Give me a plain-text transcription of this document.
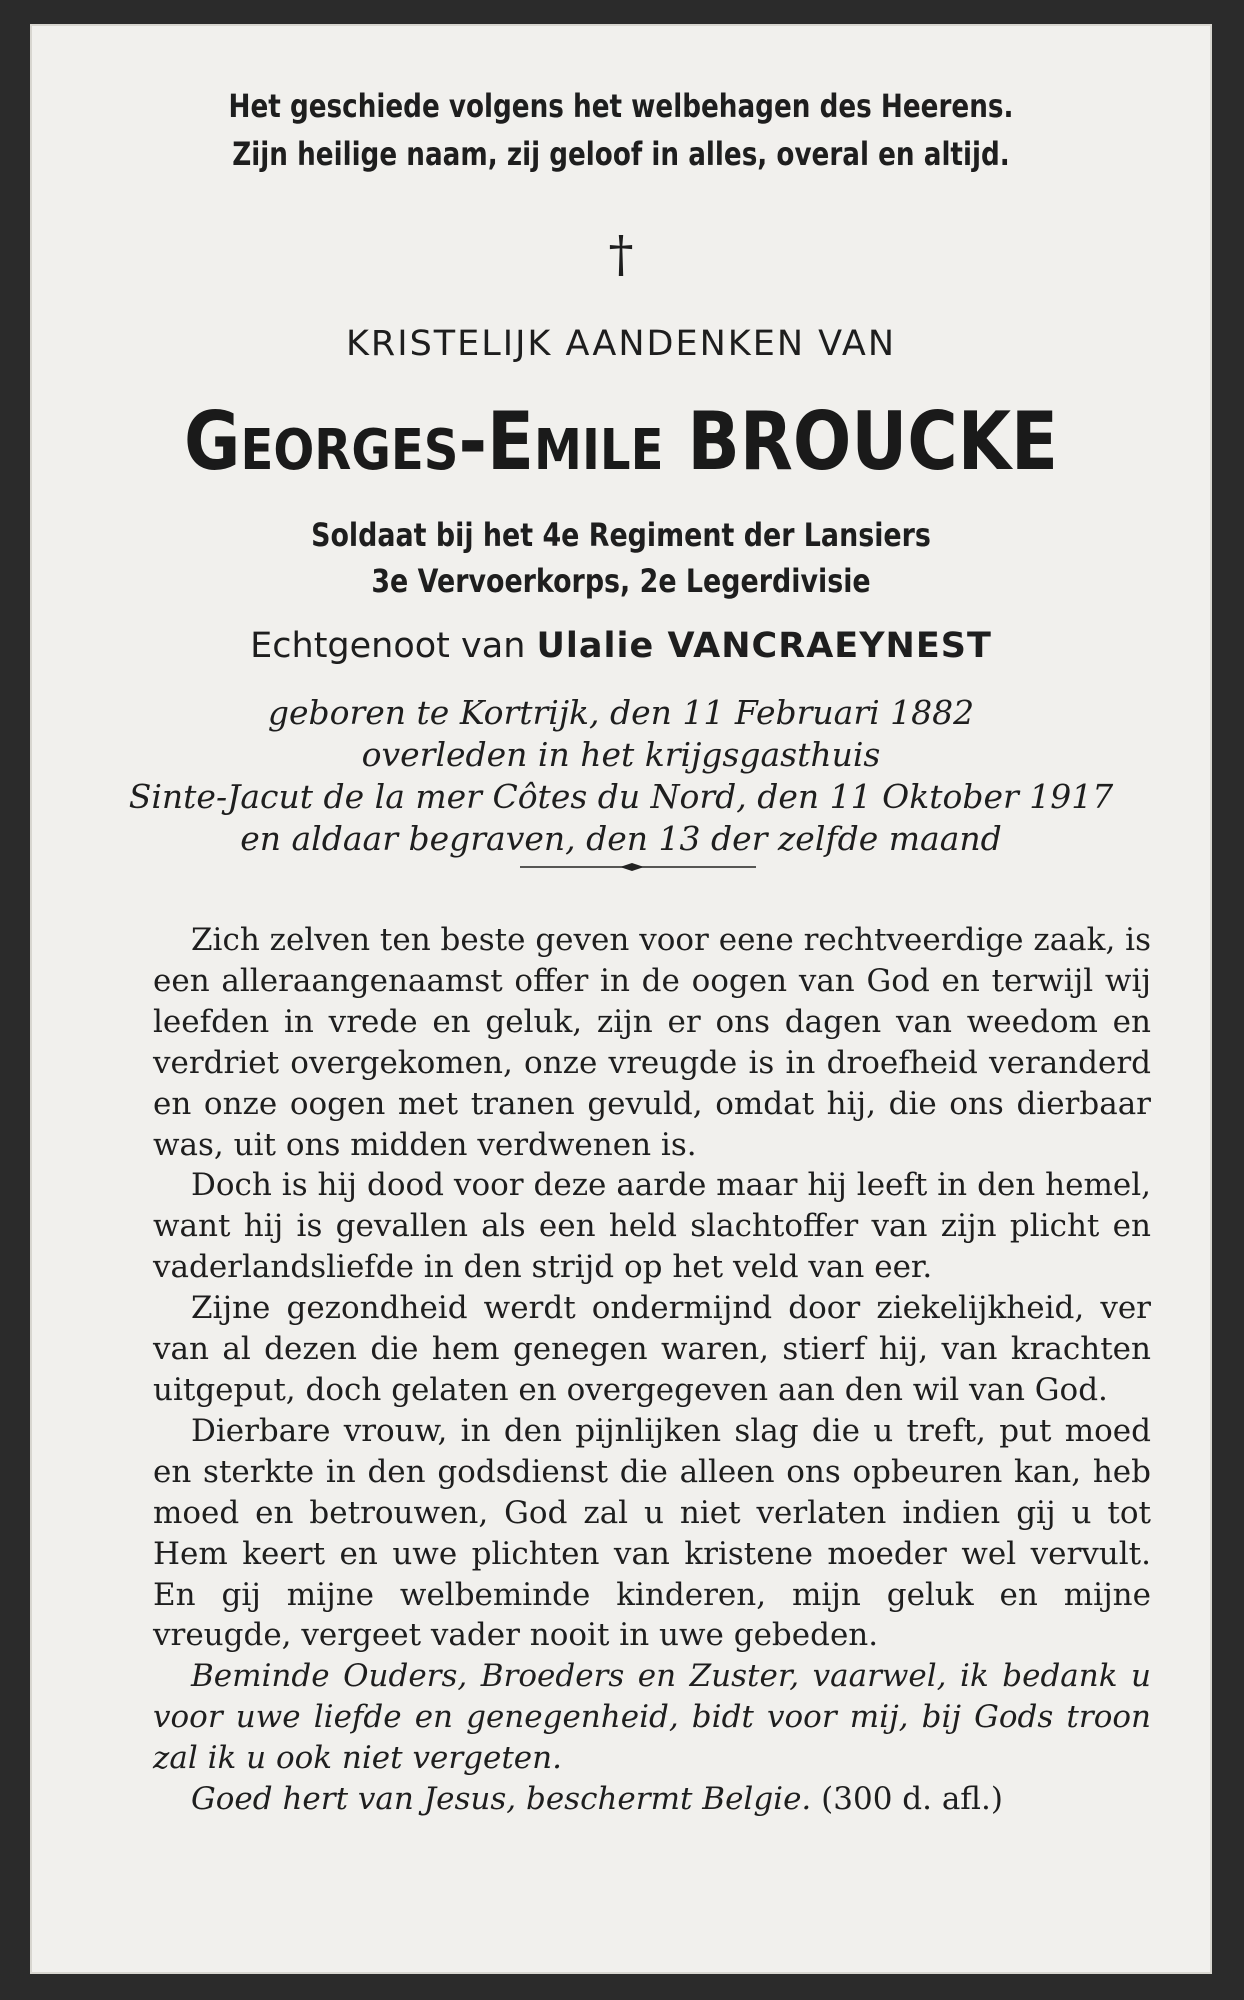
Het geschiede volgens het welbehagen des Heerens.
Zijn heilige naam, zij geloof in alles, overal en altijd.
†
KRISTELIJK AANDENKEN VAN
Georges-Emile BROUCKE
Soldaat bij het 4e Regiment der Lansiers
3e Vervoerkorps, 2e Legerdivisie
Echtgenoot van Ulalie VANCRAEYNEST
geboren te Kortrijk, den 11 Februari 1882
overleden in het krijgsgasthuis
Sinte-Jacut de la mer Côtes du Nord, den 11 Oktober 1917
en aldaar begraven, den 13 der zelfde maand

Zich zelven ten beste geven voor eene rechtveerdige zaak, is een alleraangenaamst offer in de oogen van God en terwijl wij leefden in vrede en geluk, zijn er ons dagen van weedom en verdriet overgekomen, onze vreugde is in droefheid veranderd en onze oogen met tranen gevuld, omdat hij, die ons dierbaar was, uit ons midden verdwenen is.

Doch is hij dood voor deze aarde maar hij leeft in den hemel, want hij is gevallen als een held slachtoffer van zijn plicht en vaderlandsliefde in den strijd op het veld van eer.

Zijne gezondheid werdt ondermijnd door ziekelijkheid, ver van al dezen die hem genegen waren, stierf hij, van krachten uitgeput, doch gelaten en overgegeven aan den wil van God.

Dierbare vrouw, in den pijnlijken slag die u treft, put moed en sterkte in den godsdienst die alleen ons opbeuren kan, heb moed en betrouwen, God zal u niet verlaten indien gij u tot Hem keert en uwe plichten van kristene moeder wel vervult. En gij mijne welbeminde kinderen, mijn geluk en mijne vreugde, vergeet vader nooit in uwe gebeden.

Beminde Ouders, Broeders en Zuster, vaarwel, ik bedank u voor uwe liefde en genegenheid, bidt voor mij, bij Gods troon zal ik u ook niet vergeten.

Goed hert van Jesus, beschermt Belgie. (300 d. afl.)
